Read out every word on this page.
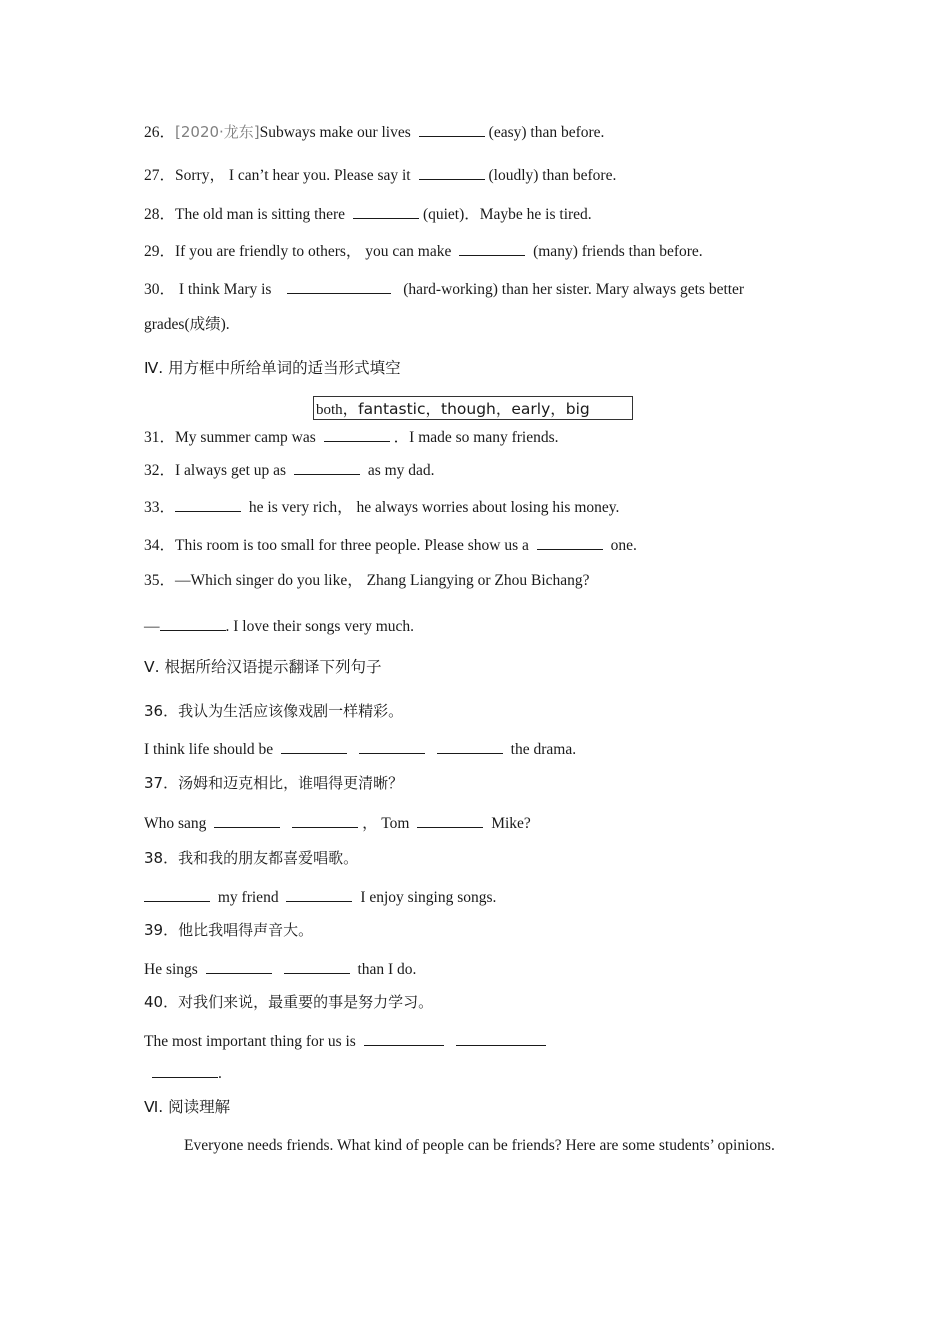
26．[2020·龙东]Subways make our lives	(easy) than before.
27．Sorry， I can’t hear you. Please say it	(loudly) than before.
28．The old man is sitting there	(quiet)．Maybe he is tired.
29．If you are friendly to others， you can make	(many) friends than before.
30． I think Mary is	(hard-working) than her sister. Mary always gets better
grades(成绩).
Ⅳ. 用方框中所给单词的适当形式填空
both，fantastic，though，early，big
31．My summer camp was	．I made so many friends.
32．I always get up as	as my dad.
33．	he is very rich， he always worries about losing his money.
34．This room is too small for three people. Please show us a	one.
35．—Which singer do you like， Zhang Liangying or Zhou Bichang?
—	. I love their songs very much.
Ⅴ. 根据所给汉语提示翻译下列句子
36．我认为生活应该像戏剧一样精彩。
I think life should be	the drama.
37．汤姆和迈克相比，谁唱得更清晰？
Who sang	， Tom	Mike?
38．我和我的朋友都喜爱唱歌。
my friend	I enjoy singing songs.
39．他比我唱得声音大。
He sings	than I do.
40．对我们来说，最重要的事是努力学习。
The most important thing for us is
.
Ⅵ. 阅读理解
Everyone needs friends. What kind of people can be friends? Here are some students’ opinions.
